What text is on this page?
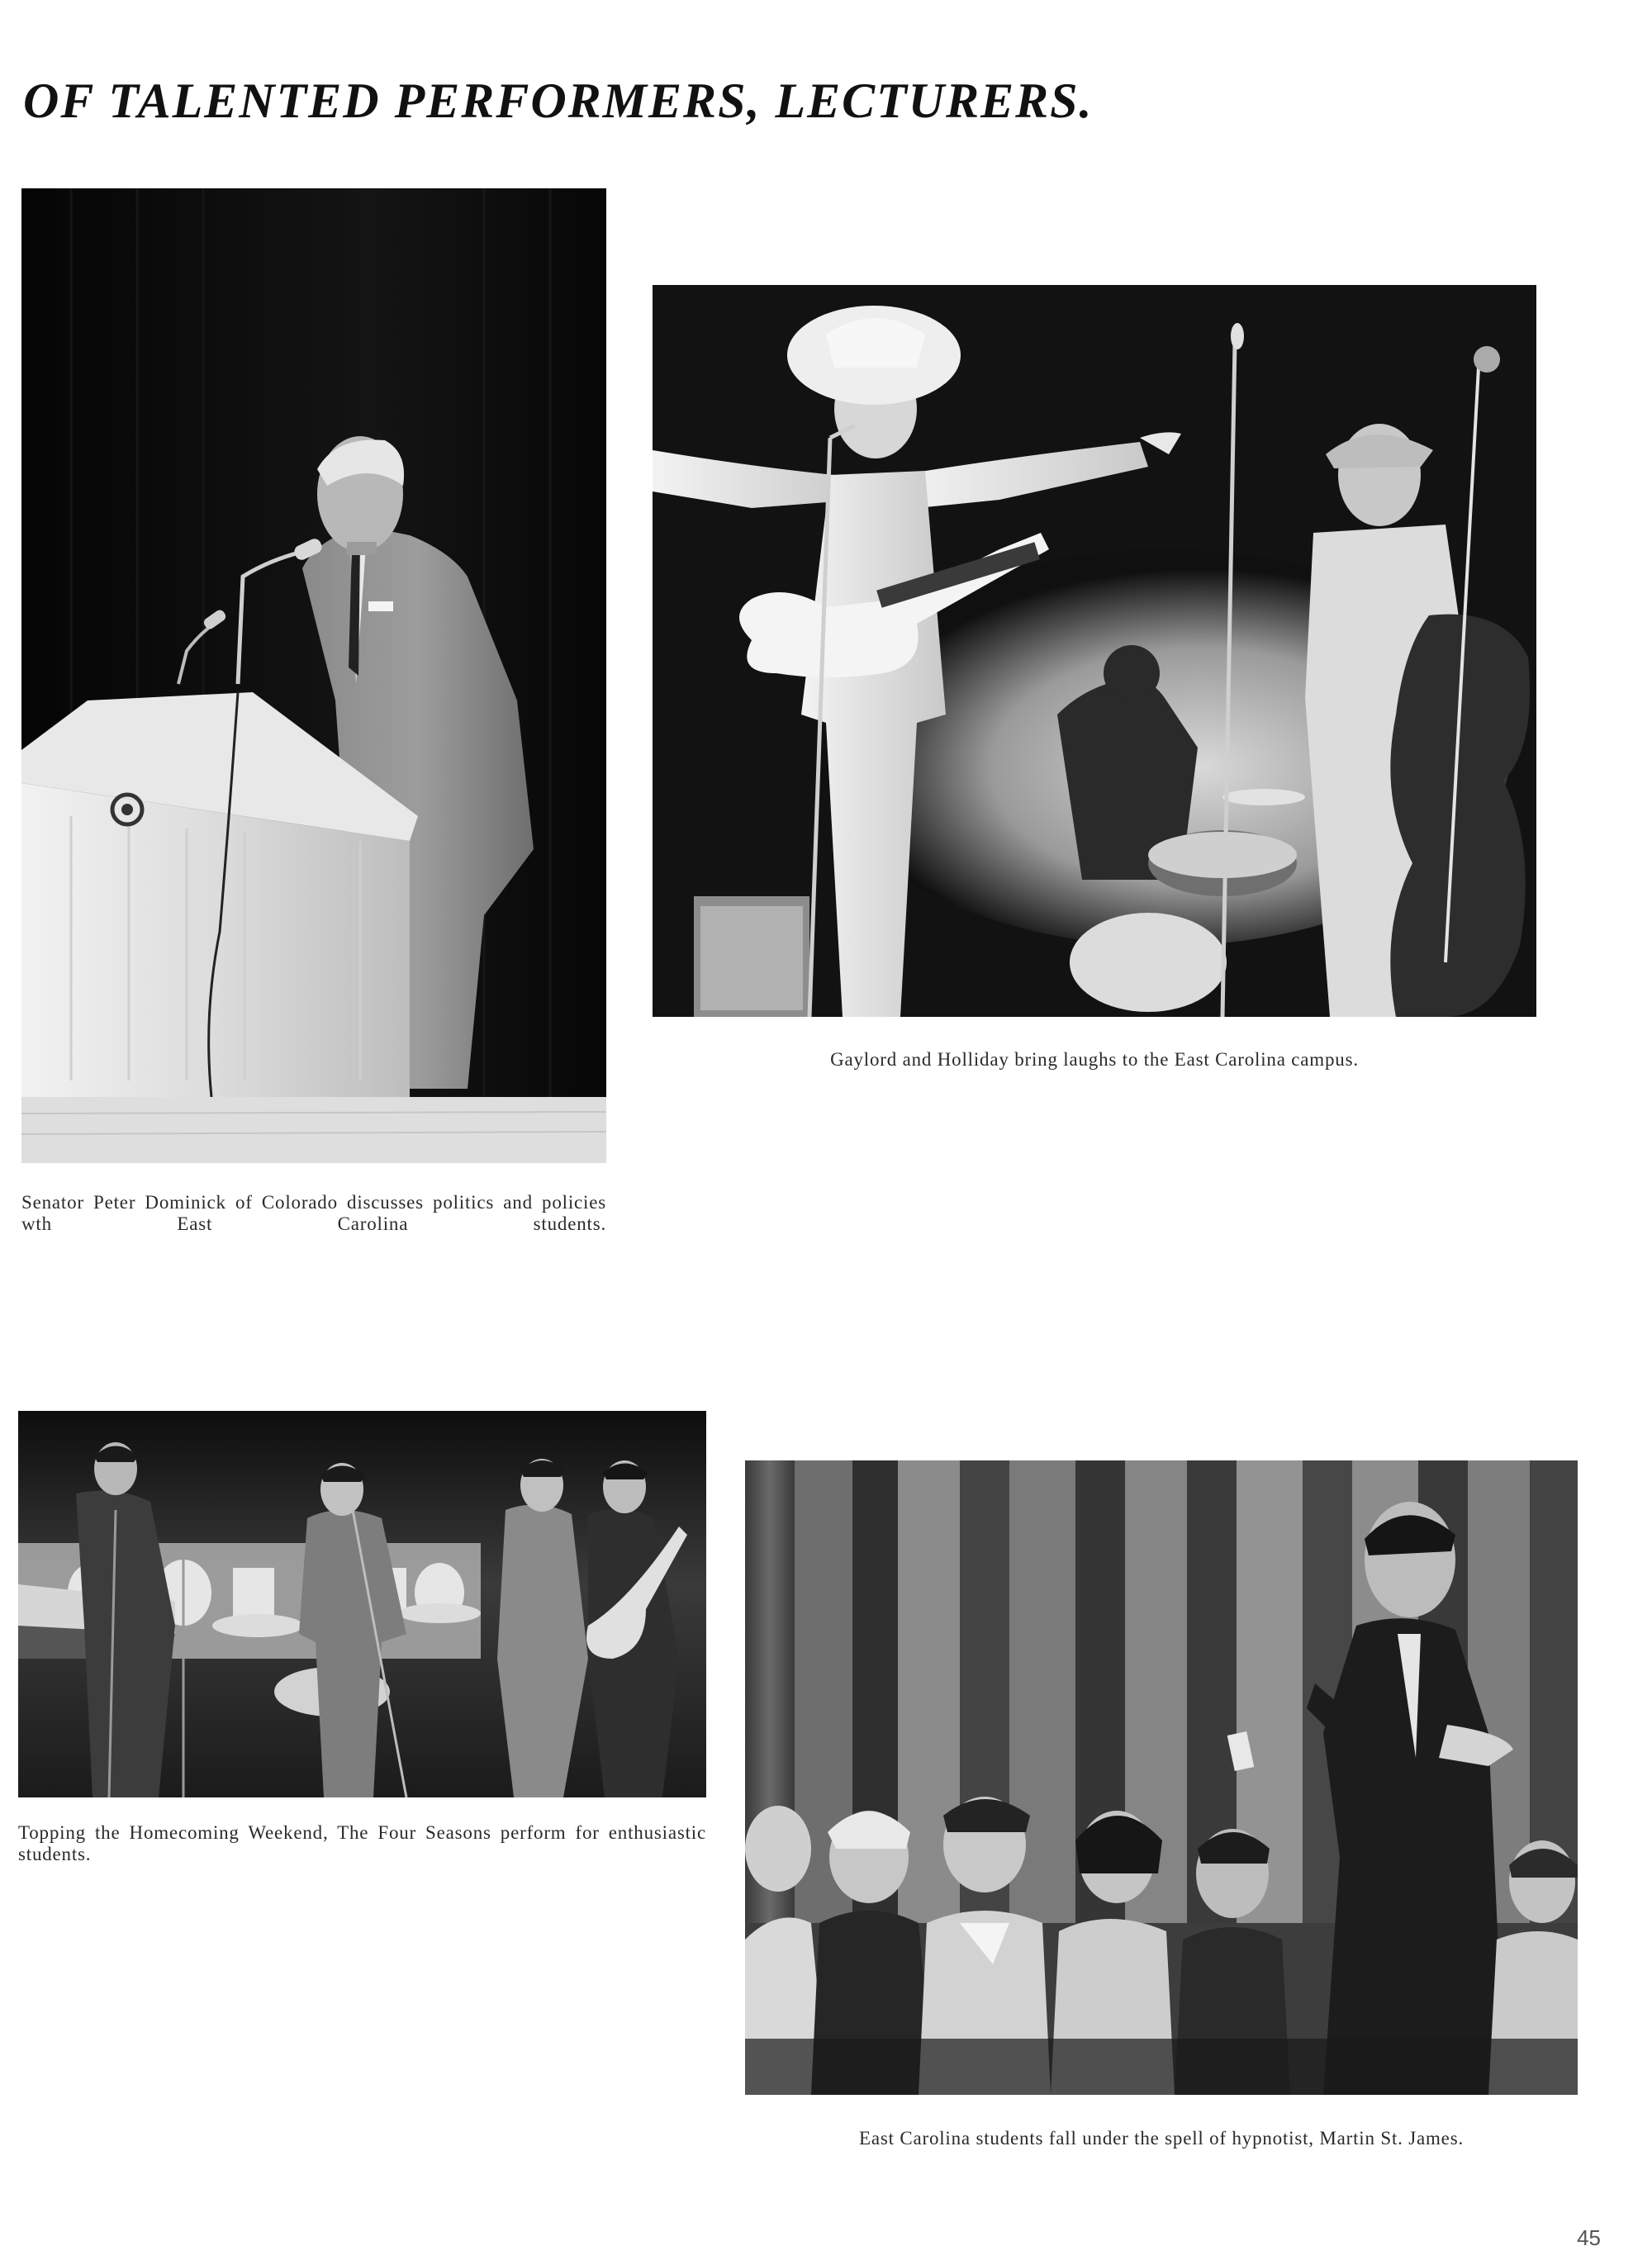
OF TALENTED PERFORMERS, LECTURERS.

Senator Peter Dominick of Colorado discusses politics and policies wth East Carolina students.

Gaylord and Holliday bring laughs to the East Carolina campus.

Topping the Homecoming Weekend, The Four Seasons perform for enthusiastic students.

East Carolina students fall under the spell of hypnotist, Martin St. James.

45
